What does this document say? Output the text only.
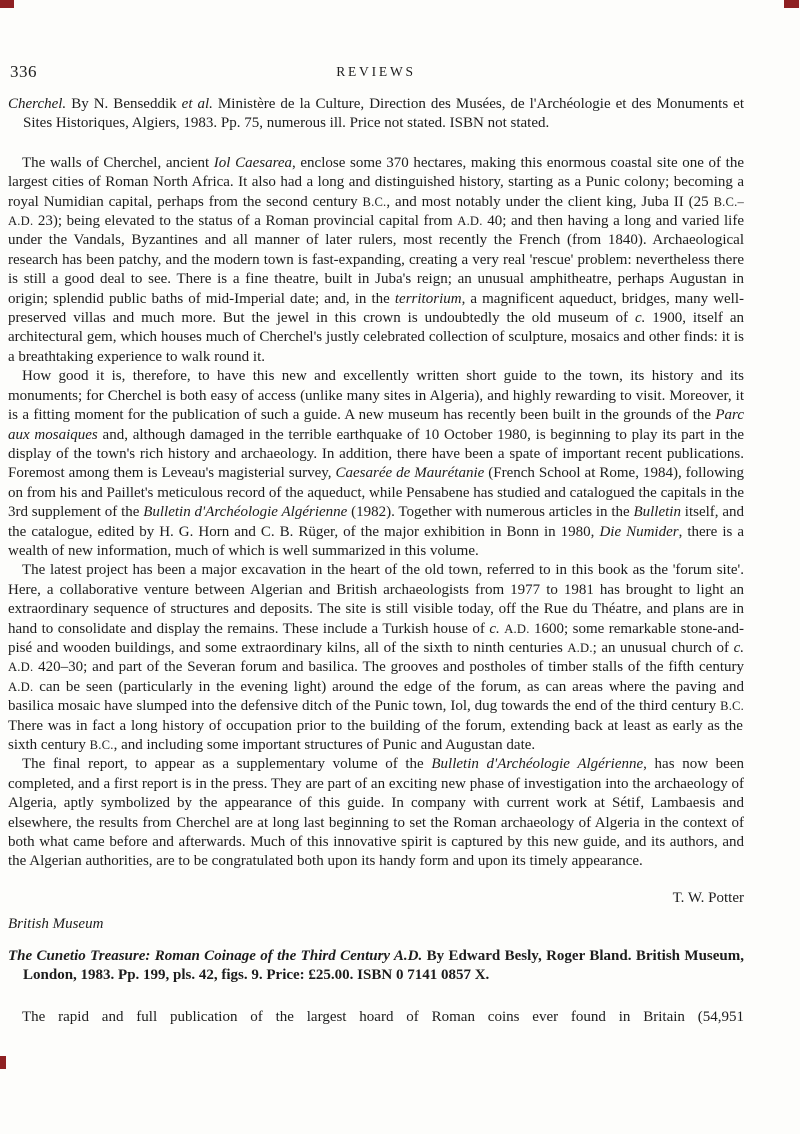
336	REVIEWS

Cherchel. By N. Benseddik et al. Ministère de la Culture, Direction des Musées, de l'Archéologie et des Monuments et Sites Historiques, Algiers, 1983. Pp. 75, numerous ill. Price not stated. ISBN not stated.

The walls of Cherchel, ancient Iol Caesarea, enclose some 370 hectares, making this enormous coastal site one of the largest cities of Roman North Africa. It also had a long and distinguished history, starting as a Punic colony; becoming a royal Numidian capital, perhaps from the second century B.C., and most notably under the client king, Juba II (25 B.C.–A.D. 23); being elevated to the status of a Roman provincial capital from A.D. 40; and then having a long and varied life under the Vandals, Byzantines and all manner of later rulers, most recently the French (from 1840). Archaeological research has been patchy, and the modern town is fast-expanding, creating a very real 'rescue' problem: nevertheless there is still a good deal to see. There is a fine theatre, built in Juba's reign; an unusual amphitheatre, perhaps Augustan in origin; splendid public baths of mid-Imperial date; and, in the territorium, a magnificent aqueduct, bridges, many well-preserved villas and much more. But the jewel in this crown is undoubtedly the old museum of c. 1900, itself an architectural gem, which houses much of Cherchel's justly celebrated collection of sculpture, mosaics and other finds: it is a breathtaking experience to walk round it.

How good it is, therefore, to have this new and excellently written short guide to the town, its history and its monuments; for Cherchel is both easy of access (unlike many sites in Algeria), and highly rewarding to visit. Moreover, it is a fitting moment for the publication of such a guide. A new museum has recently been built in the grounds of the Parc aux mosaiques and, although damaged in the terrible earthquake of 10 October 1980, is beginning to play its part in the display of the town's rich history and archaeology. In addition, there have been a spate of important recent publications. Foremost among them is Leveau's magisterial survey, Caesarée de Maurétanie (French School at Rome, 1984), following on from his and Paillet's meticulous record of the aqueduct, while Pensabene has studied and catalogued the capitals in the 3rd supplement of the Bulletin d'Archéologie Algérienne (1982). Together with numerous articles in the Bulletin itself, and the catalogue, edited by H. G. Horn and C. B. Rüger, of the major exhibition in Bonn in 1980, Die Numider, there is a wealth of new information, much of which is well summarized in this volume.

The latest project has been a major excavation in the heart of the old town, referred to in this book as the 'forum site'. Here, a collaborative venture between Algerian and British archaeologists from 1977 to 1981 has brought to light an extraordinary sequence of structures and deposits. The site is still visible today, off the Rue du Théatre, and plans are in hand to consolidate and display the remains. These include a Turkish house of c. A.D. 1600; some remarkable stone-and-pisé and wooden buildings, and some extraordinary kilns, all of the sixth to ninth centuries A.D.; an unusual church of c. A.D. 420–30; and part of the Severan forum and basilica. The grooves and postholes of timber stalls of the fifth century A.D. can be seen (particularly in the evening light) around the edge of the forum, as can areas where the paving and basilica mosaic have slumped into the defensive ditch of the Punic town, Iol, dug towards the end of the third century B.C. There was in fact a long history of occupation prior to the building of the forum, extending back at least as early as the sixth century B.C., and including some important structures of Punic and Augustan date.

The final report, to appear as a supplementary volume of the Bulletin d'Archéologie Algérienne, has now been completed, and a first report is in the press. They are part of an exciting new phase of investigation into the archaeology of Algeria, aptly symbolized by the appearance of this guide. In company with current work at Sétif, Lambaesis and elsewhere, the results from Cherchel are at long last beginning to set the Roman archaeology of Algeria in the context of both what came before and afterwards. Much of this innovative spirit is captured by this new guide, and its authors, and the Algerian authorities, are to be congratulated both upon its handy form and upon its timely appearance.

T. W. Potter

British Museum

The Cunetio Treasure: Roman Coinage of the Third Century A.D. By Edward Besly, Roger Bland. British Museum, London, 1983. Pp. 199, pls. 42, figs. 9. Price: £25.00. ISBN 0 7141 0857 X.

The rapid and full publication of the largest hoard of Roman coins ever found in Britain (54,951
